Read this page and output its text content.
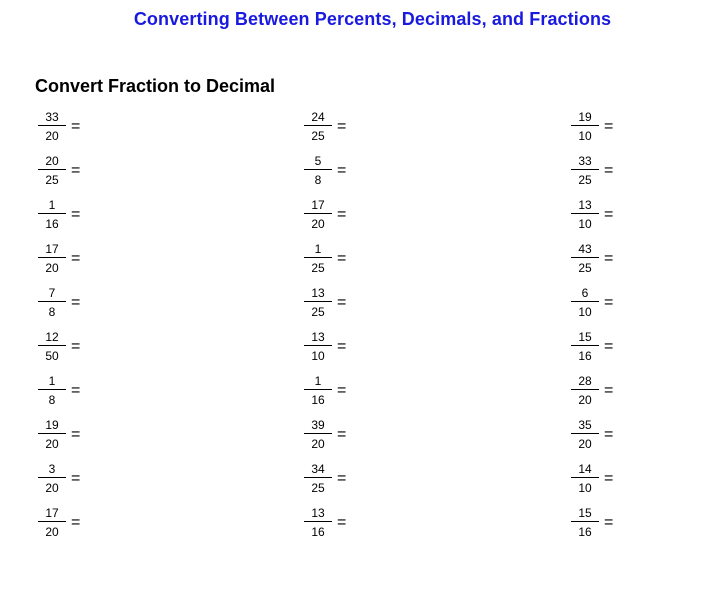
Converting Between Percents, Decimals, and Fractions
Convert Fraction to Decimal
$\frac{33}{20}$ =
$\frac{20}{25}$ =
$\frac{1}{16}$ =
$\frac{17}{20}$ =
$\frac{7}{8}$ =
$\frac{12}{50}$ =
$\frac{1}{8}$ =
$\frac{19}{20}$ =
$\frac{3}{20}$ =
$\frac{17}{20}$ =
$\frac{24}{25}$ =
$\frac{5}{8}$ =
$\frac{17}{20}$ =
$\frac{1}{25}$ =
$\frac{13}{25}$ =
$\frac{13}{10}$ =
$\frac{1}{16}$ =
$\frac{39}{20}$ =
$\frac{34}{25}$ =
$\frac{13}{16}$ =
$\frac{19}{10}$ =
$\frac{33}{25}$ =
$\frac{13}{10}$ =
$\frac{43}{25}$ =
$\frac{6}{10}$ =
$\frac{15}{16}$ =
$\frac{28}{20}$ =
$\frac{35}{20}$ =
$\frac{14}{10}$ =
$\frac{15}{16}$ =
